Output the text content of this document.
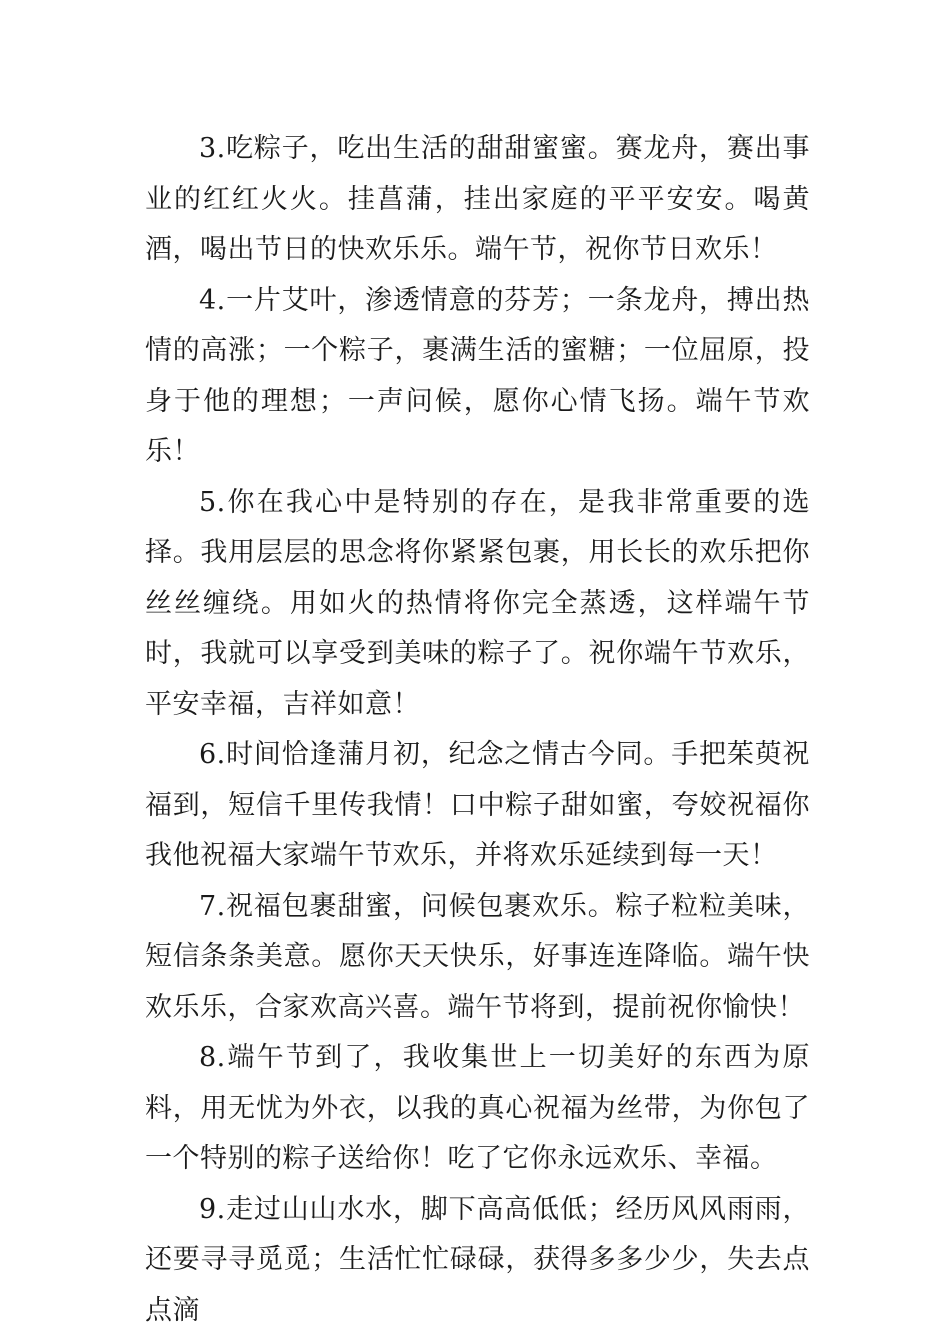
3.吃粽子，吃出生活的甜甜蜜蜜。赛龙舟，赛出事业的红红火火。挂菖蒲，挂出家庭的平平安安。喝黄酒，喝出节日的快欢乐乐。端午节，祝你节日欢乐！

4.一片艾叶，渗透情意的芬芳；一条龙舟，搏出热情的高涨；一个粽子，裹满生活的蜜糖；一位屈原，投身于他的理想；一声问候，愿你心情飞扬。端午节欢乐！

5.你在我心中是特别的存在，是我非常重要的选择。我用层层的思念将你紧紧包裹，用长长的欢乐把你丝丝缠绕。用如火的热情将你完全蒸透，这样端午节时，我就可以享受到美味的粽子了。祝你端午节欢乐，平安幸福，吉祥如意！

6.时间恰逢蒲月初，纪念之情古今同。手把茱萸祝福到，短信千里传我情！口中粽子甜如蜜，夸姣祝福你我他祝福大家端午节欢乐，并将欢乐延续到每一天！

7.祝福包裹甜蜜，问候包裹欢乐。粽子粒粒美味，短信条条美意。愿你天天快乐，好事连连降临。端午快欢乐乐，合家欢高兴喜。端午节将到，提前祝你愉快！

8.端午节到了，我收集世上一切美好的东西为原料，用无忧为外衣，以我的真心祝福为丝带，为你包了一个特别的粽子送给你！吃了它你永远欢乐、幸福。

9.走过山山水水，脚下高高低低；经历风风雨雨，还要寻寻觅觅；生活忙忙碌碌，获得多多少少，失去点点滴
